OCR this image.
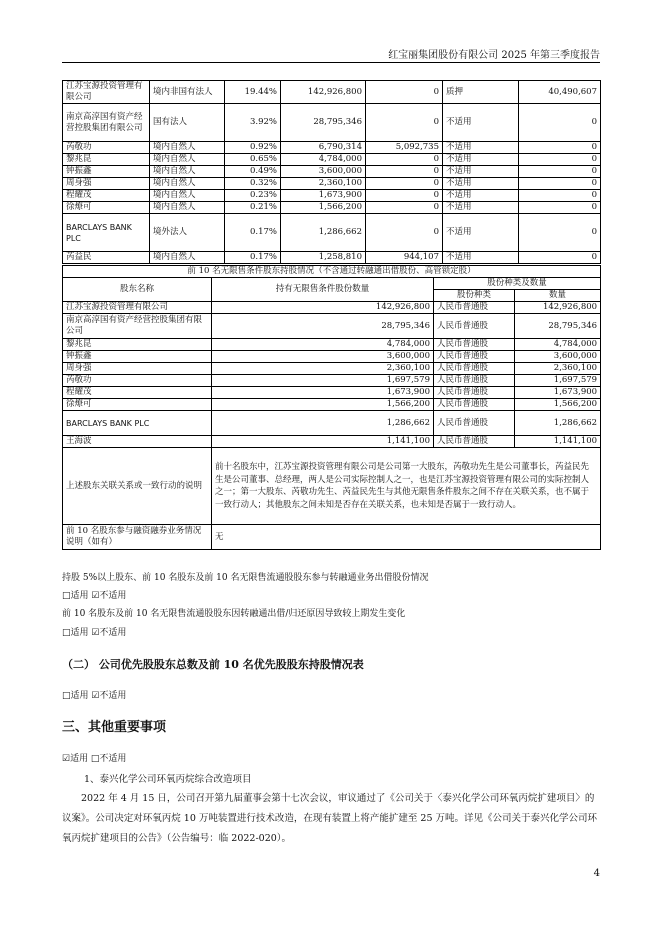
红宝丽集团股份有限公司 2025 年第三季度报告
江苏宝源投资管理有限公司	境内非国有法人	19.44%	142,926,800	0	质押	40,490,607
南京高淳国有资产经营控股集团有限公司	国有法人	3.92%	28,795,346	0	不适用	0
芮敬功	境内自然人	0.92%	6,790,314	5,092,735	不适用	0
黎兆昆	境内自然人	0.65%	4,784,000	0	不适用	0
钟振鑫	境内自然人	0.49%	3,600,000	0	不适用	0
周身强	境内自然人	0.32%	2,360,100	0	不适用	0
程耀茂	境内自然人	0.23%	1,673,900	0	不适用	0
徐燎可	境内自然人	0.21%	1,566,200	0	不适用	0
BARCLAYS BANK PLC	境外法人	0.17%	1,286,662	0	不适用	0
芮益民	境内自然人	0.17%	1,258,810	944,107	不适用	0
前 10 名无限售条件股东持股情况（不含通过转融通出借股份、高管锁定股）			
股东名称	持有无限售条件股份数量	股份种类及数量	
		股份种类	数量
江苏宝源投资管理有限公司	142,926,800	人民币普通股	142,926,800
南京高淳国有资产经营控股集团有限公司	28,795,346	人民币普通股	28,795,346
黎兆昆	4,784,000	人民币普通股	4,784,000
钟振鑫	3,600,000	人民币普通股	3,600,000
周身强	2,360,100	人民币普通股	2,360,100
芮敬功	1,697,579	人民币普通股	1,697,579
程耀茂	1,673,900	人民币普通股	1,673,900
徐燎可	1,566,200	人民币普通股	1,566,200
BARCLAYS BANK PLC	1,286,662	人民币普通股	1,286,662
王海波	1,141,100	人民币普通股	1,141,100
上述股东关联关系或一致行动的说明	前十名股东中，江苏宝源投资管理有限公司是公司第一大股东，芮敬功先生是公司董事长，芮益民先生是公司董事、总经理，两人是公司实际控制人之一，也是江苏宝源投资管理有限公司的实际控制人之一；第一大股东、芮敬功先生、芮益民先生与其他无限售条件股东之间不存在关联关系，也不属于一致行动人；其他股东之间未知是否存在关联关系，也未知是否属于一致行动人。		
前 10 名股东参与融资融券业务情况说明（如有）	无		
持股 5%以上股东、前 10 名股东及前 10 名无限售流通股股东参与转融通业务出借股份情况
□适用 ☑不适用
前 10 名股东及前 10 名无限售流通股股东因转融通出借/归还原因导致较上期发生变化
□适用 ☑不适用
（二） 公司优先股股东总数及前 10 名优先股股东持股情况表
□适用 ☑不适用
三、其他重要事项
☑适用 □不适用
1、泰兴化学公司环氧丙烷综合改造项目
2022 年 4 月 15 日，公司召开第九届董事会第十七次会议，审议通过了《公司关于〈泰兴化学公司环氧丙烷扩建项目〉的议案》。公司决定对环氧丙烷 10 万吨装置进行技术改造，在现有装置上将产能扩建至 25 万吨。详见《公司关于泰兴化学公司环氧丙烷扩建项目的公告》（公告编号：临 2022-020）。
4
